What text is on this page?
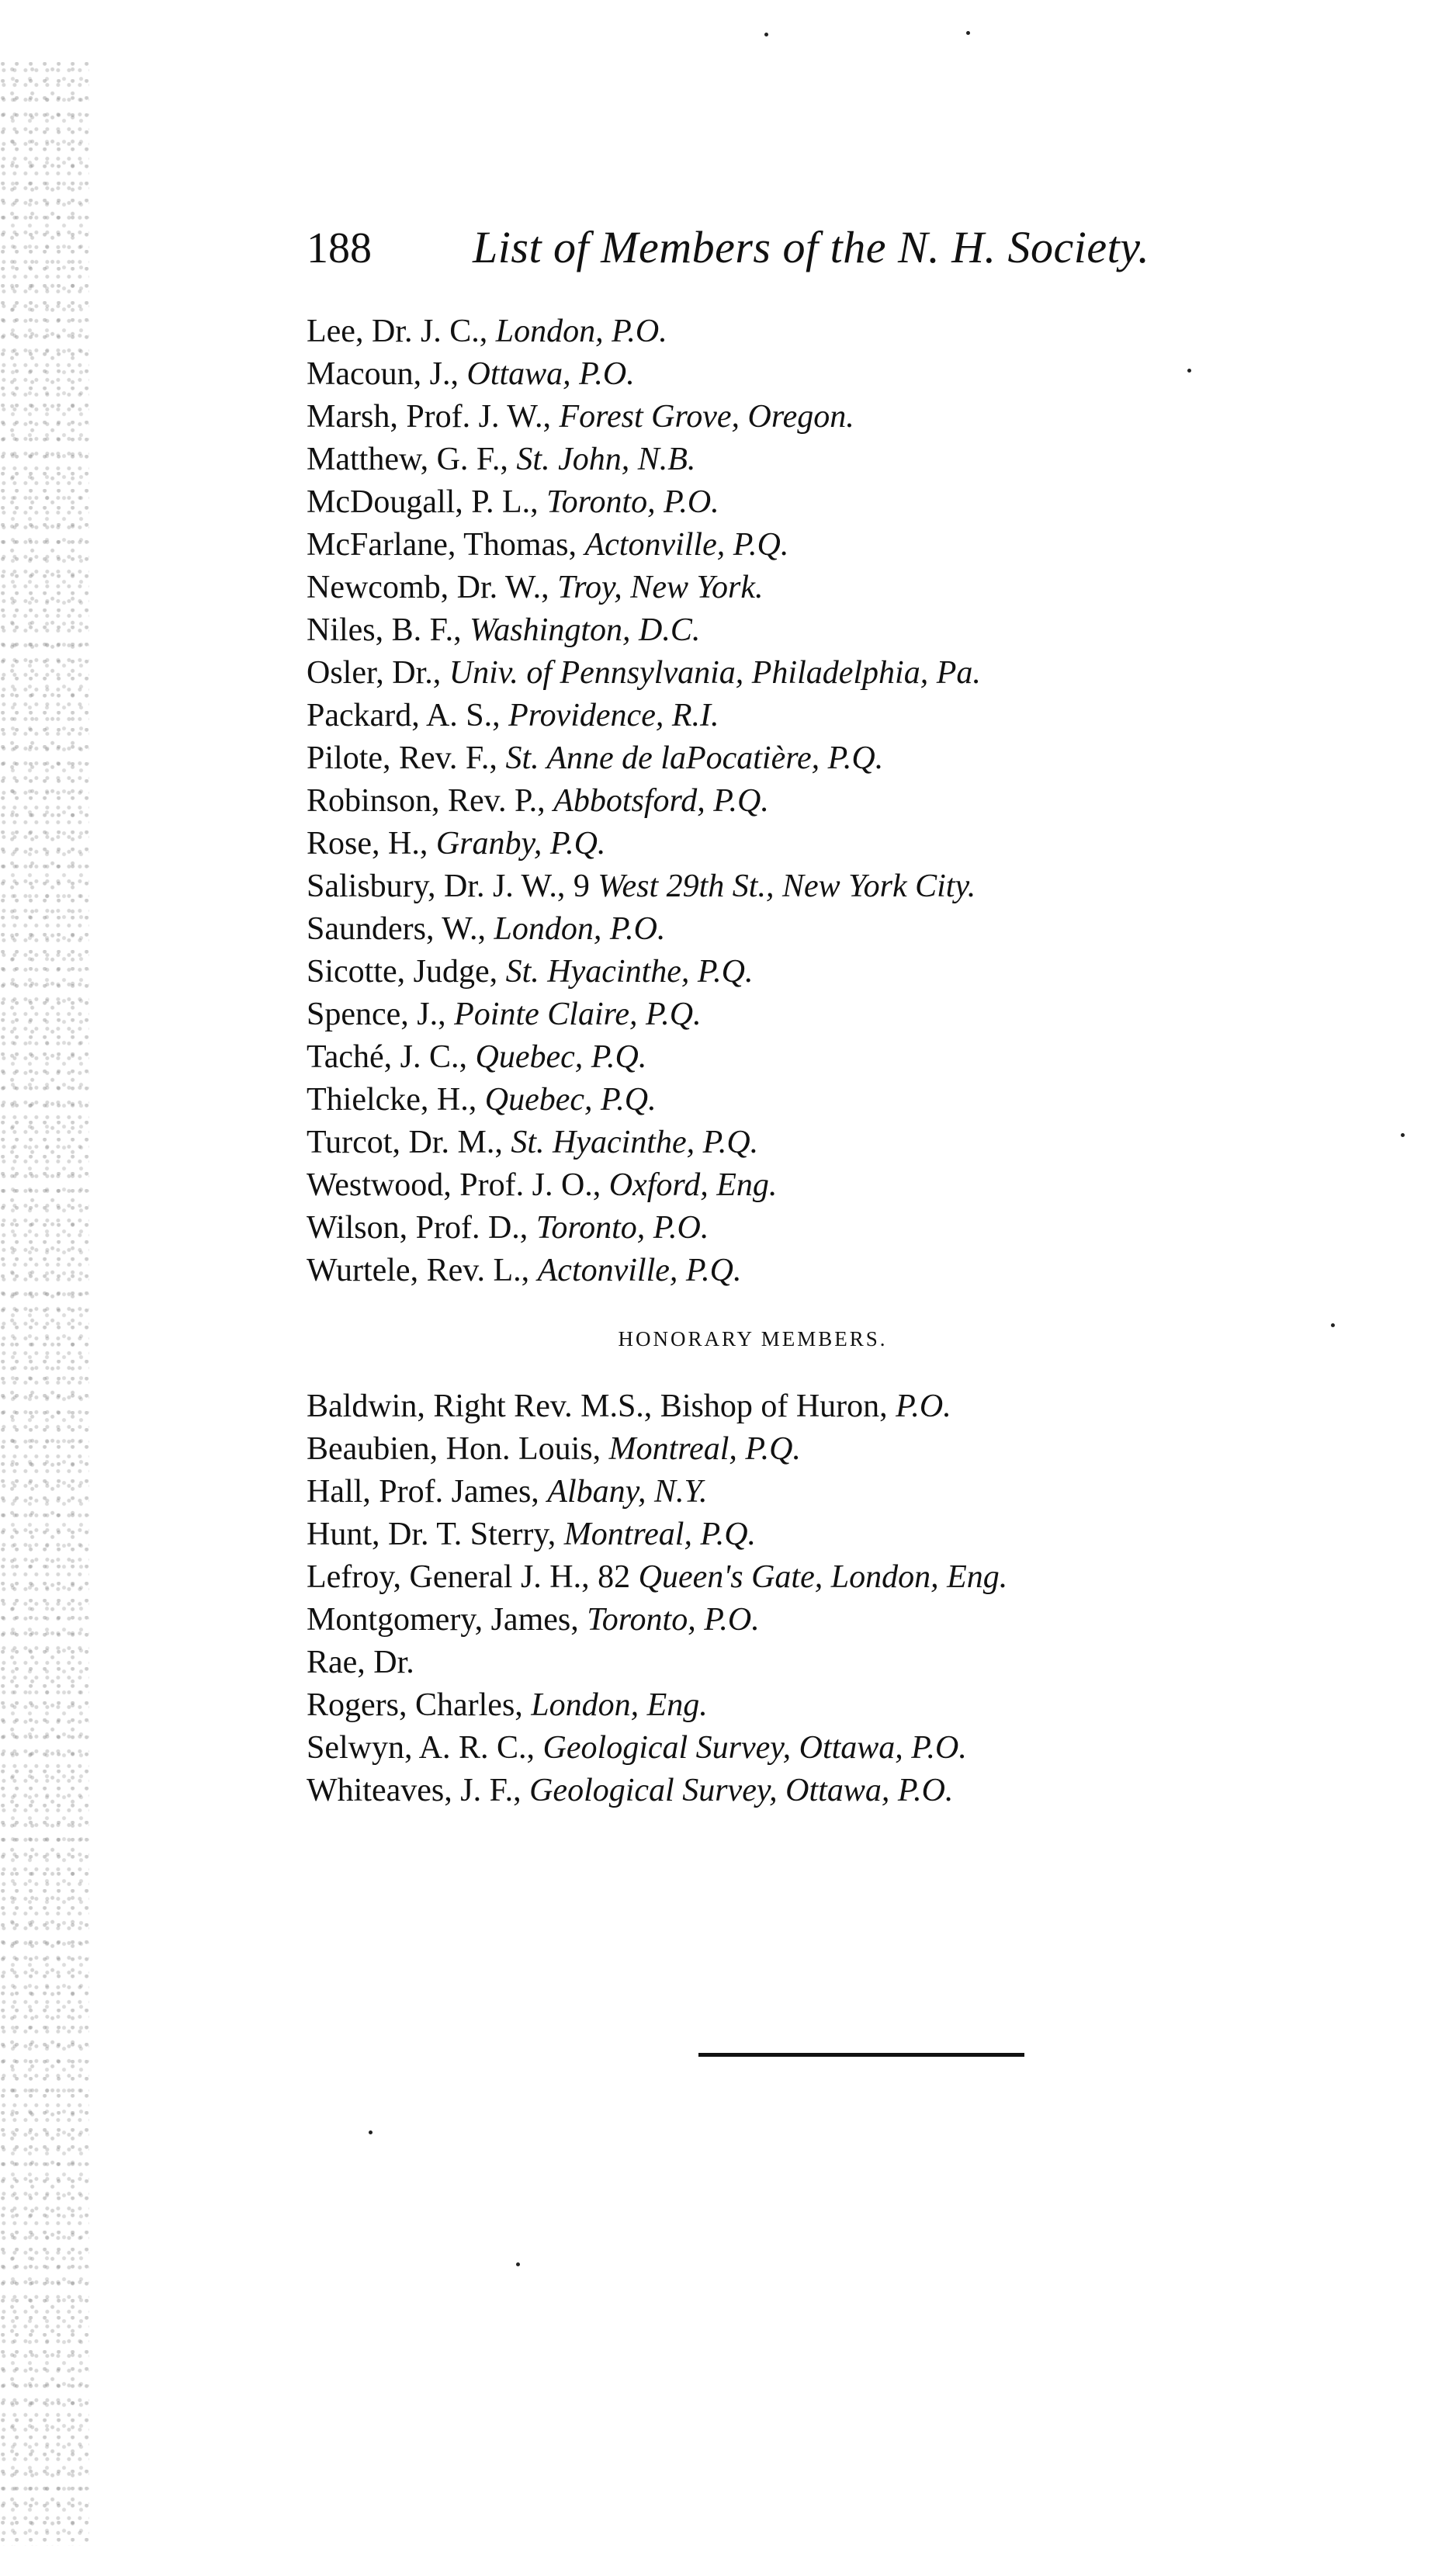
188 List of Members of the N. H. Society.
Lee, Dr. J. C., London, P.O.
Macoun, J., Ottawa, P.O.
Marsh, Prof. J. W., Forest Grove, Oregon.
Matthew, G. F., St. John, N.B.
McDougall, P. L., Toronto, P.O.
McFarlane, Thomas, Actonville, P.Q.
Newcomb, Dr. W., Troy, New York.
Niles, B. F., Washington, D.C.
Osler, Dr., Univ. of Pennsylvania, Philadelphia, Pa.
Packard, A. S., Providence, R.I.
Pilote, Rev. F., St. Anne de laPocatière, P.Q.
Robinson, Rev. P., Abbotsford, P.Q.
Rose, H., Granby, P.Q.
Salisbury, Dr. J. W., 9 West 29th St., New York City.
Saunders, W., London, P.O.
Sicotte, Judge, St. Hyacinthe, P.Q.
Spence, J., Pointe Claire, P.Q.
Taché, J. C., Quebec, P.Q.
Thielcke, H., Quebec, P.Q.
Turcot, Dr. M., St. Hyacinthe, P.Q.
Westwood, Prof. J. O., Oxford, Eng.
Wilson, Prof. D., Toronto, P.O.
Wurtele, Rev. L., Actonville, P.Q.
HONORARY MEMBERS.
Baldwin, Right Rev. M.S., Bishop of Huron, P.O.
Beaubien, Hon. Louis, Montreal, P.Q.
Hall, Prof. James, Albany, N.Y.
Hunt, Dr. T. Sterry, Montreal, P.Q.
Lefroy, General J. H., 82 Queen's Gate, London, Eng.
Montgomery, James, Toronto, P.O.
Rae, Dr.
Rogers, Charles, London, Eng.
Selwyn, A. R. C., Geological Survey, Ottawa, P.O.
Whiteaves, J. F., Geological Survey, Ottawa, P.O.
